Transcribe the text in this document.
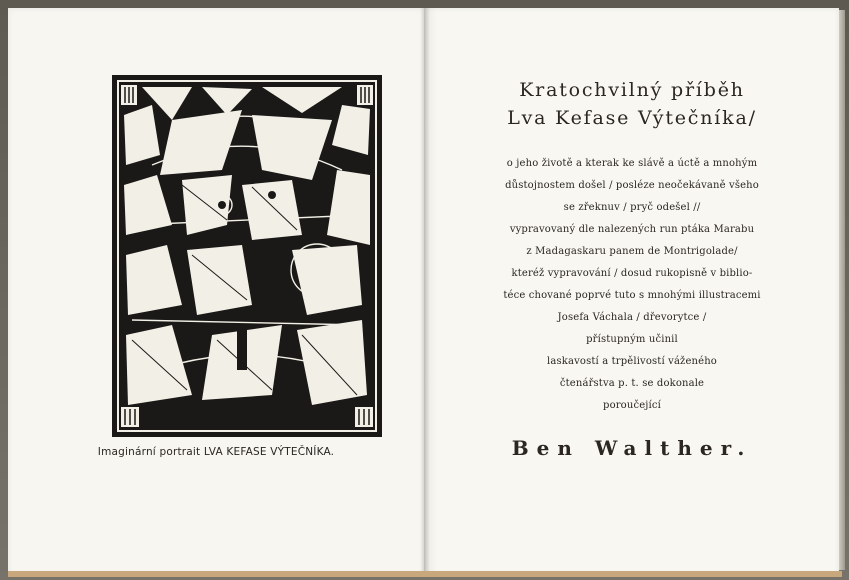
Imaginární portrait LVA KEFASE VÝTEČNÍKA.
Kratochvilný příběh
Lva Kefase Výtečníka/
o jeho životě a kterak ke slávě a úctě a mnohým
důstojnostem došel / posléze neočekávaně všeho
se zřeknuv / pryč odešel //
vypravovaný dle nalezených run ptáka Marabu
z Madagaskaru panem de Montrigolade/
kteréž vypravování / dosud rukopisně v biblio-
téce chované poprvé tuto s mnohými illustracemi
Josefa Váchala / dřevorytce /
přístupným učinil
laskavostí a trpělivostí váženého
čtenářstva p. t. se dokonale
poroučející
Ben Walther.
